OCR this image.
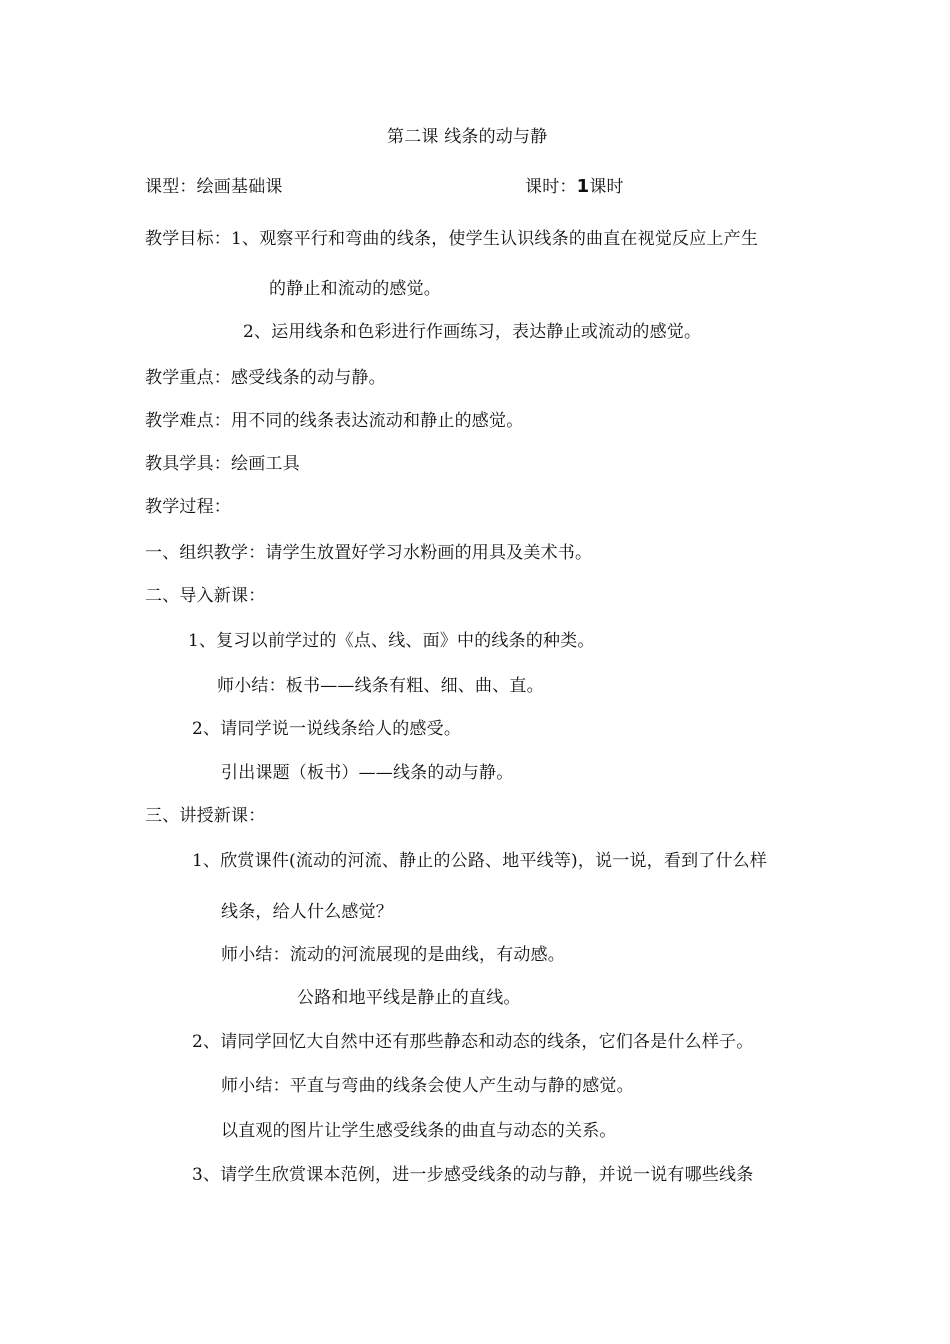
第二课 线条的动与静
课型：绘画基础课	课时：1课时
教学目标：1、观察平行和弯曲的线条，使学生认识线条的曲直在视觉反应上产生
的静止和流动的感觉。
2、运用线条和色彩进行作画练习，表达静止或流动的感觉。
教学重点：感受线条的动与静。
教学难点：用不同的线条表达流动和静止的感觉。
教具学具：绘画工具
教学过程：
一、组织教学：请学生放置好学习水粉画的用具及美术书。
二、导入新课：
1、复习以前学过的《点、线、面》中的线条的种类。
师小结：板书——线条有粗、细、曲、直。
2、请同学说一说线条给人的感受。
引出课题（板书）——线条的动与静。
三、讲授新课：
1、欣赏课件(流动的河流、静止的公路、地平线等)，说一说，看到了什么样
线条，给人什么感觉？
师小结：流动的河流展现的是曲线，有动感。
公路和地平线是静止的直线。
2、请同学回忆大自然中还有那些静态和动态的线条，它们各是什么样子。
师小结：平直与弯曲的线条会使人产生动与静的感觉。
以直观的图片让学生感受线条的曲直与动态的关系。
3、请学生欣赏课本范例，进一步感受线条的动与静，并说一说有哪些线条
